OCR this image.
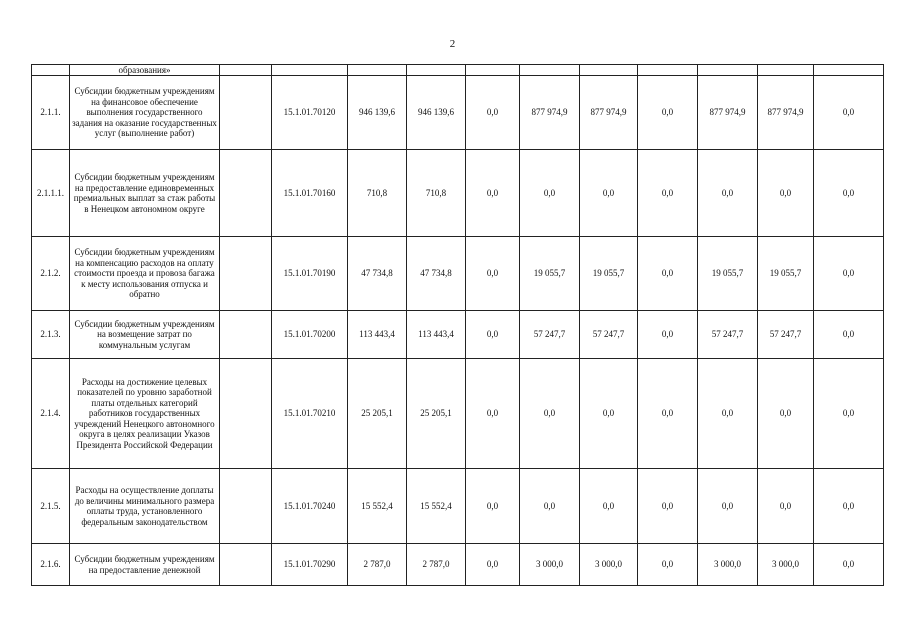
2
	образования»											
2.1.1.	Субсидии бюджетным учреждениям на финансовое обеспечение выполнения государственного задания на оказание государственных услуг (выполнение работ)		15.1.01.70120	946 139,6	946 139,6	0,0	877 974,9	877 974,9	0,0	877 974,9	877 974,9	0,0
2.1.1.1.	Субсидии бюджетным учреждениям на предоставление единовременных премиальных выплат за стаж работы в Ненецком автономном округе		15.1.01.70160	710,8	710,8	0,0	0,0	0,0	0,0	0,0	0,0	0,0
2.1.2.	Субсидии бюджетным учреждениям на компенсацию расходов на оплату стоимости проезда и провоза багажа к месту использования отпуска и обратно		15.1.01.70190	47 734,8	47 734,8	0,0	19 055,7	19 055,7	0,0	19 055,7	19 055,7	0,0
2.1.3.	Субсидии бюджетным учреждениям на возмещение затрат по коммунальным услугам		15.1.01.70200	113 443,4	113 443,4	0,0	57 247,7	57 247,7	0,0	57 247,7	57 247,7	0,0
2.1.4.	Расходы на достижение целевых показателей по уровню заработной платы отдельных категорий работников государственных учреждений Ненецкого автономного округа в целях реализации Указов Президента Российской Федерации		15.1.01.70210	25 205,1	25 205,1	0,0	0,0	0,0	0,0	0,0	0,0	0,0
2.1.5.	Расходы на осуществление доплаты до величины минимального размера оплаты труда, установленного федеральным законодательством		15.1.01.70240	15 552,4	15 552,4	0,0	0,0	0,0	0,0	0,0	0,0	0,0
2.1.6.	Субсидии бюджетным учреждениям на предоставление денежной		15.1.01.70290	2 787,0	2 787,0	0,0	3 000,0	3 000,0	0,0	3 000,0	3 000,0	0,0
